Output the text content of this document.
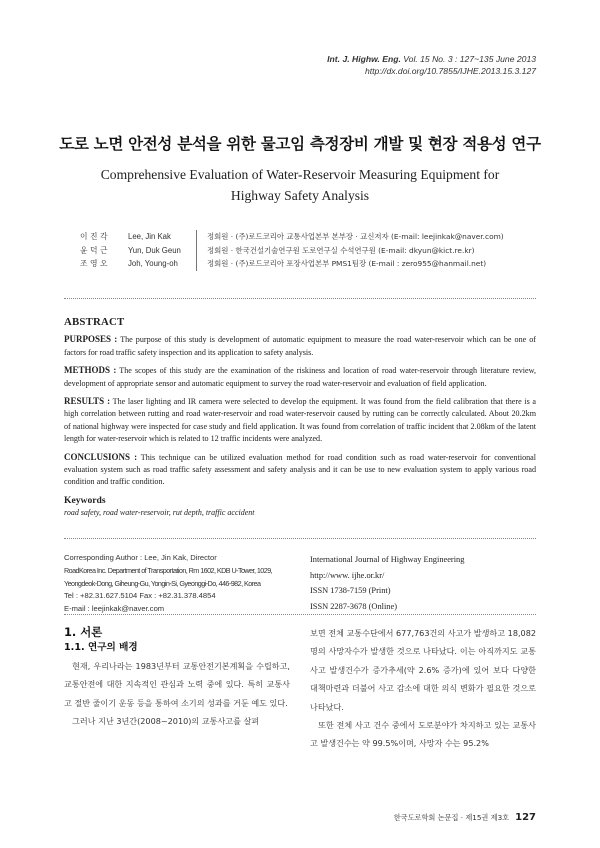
Int. J. Highw. Eng. Vol. 15 No. 3 : 127~135 June 2013
http://dx.doi.org/10.7855/IJHE.2013.15.3.127
도로 노면 안전성 분석을 위한 물고임 측정장비 개발 및 현장 적용성 연구
Comprehensive Evaluation of Water-Reservoir Measuring Equipment for
Highway Safety Analysis
이 진 각	Lee, Jin Kak	정회원 · (주)로드코리아 교통사업본부 본부장 · 교신저자 (E-mail: leejinkak@naver.com)
윤 덕 근	Yun, Duk Geun	정회원 · 한국건설기술연구원 도로연구실 수석연구원 (E-mail: dkyun@kict.re.kr)
조 영 오	Joh, Young-oh	정회원 · (주)로드코리아 포장사업본부 PMS1팀장 (E-mail : zero955@hanmail.net)
ABSTRACT

PURPOSES : The purpose of this study is development of automatic equipment to measure the road water-reservoir which can be one of factors for road traffic safety inspection and its application to safety analysis.

METHODS : The scopes of this study are the examination of the riskiness and location of road water-reservoir through literature review, development of appropriate sensor and automatic equipment to survey the road water-reservoir and evaluation of field application.

RESULTS : The laser lighting and IR camera were selected to develop the equipment. It was found from the field calibration that there is a high correlation between rutting and road water-reservoir and road water-reservoir caused by rutting can be correctly calculated. About 20.2km of national highway were inspected for case study and field application. It was found from correlation of traffic incident that 2.08km of the latent length for water-reservoir which is related to 12 traffic incidents were analyzed.

CONCLUSIONS : This technique can be utilized evaluation method for road condition such as road water-reservoir for conventional evaluation system such as road traffic safety assessment and safety analysis and it can be use to new evaluation system to apply various road condition and traffic condition.

Keywords
road safety, road water-reservoir, rut depth, traffic accident
Corresponding Author : Lee, Jin Kak, Director
RoadKorea Inc. Department of Transportation, Rm 1602, KDB U-Tower, 1029,
Yeongdeok-Dong, Giheung-Gu, Yongin-Si, Gyeonggi-Do, 446-982, Korea
Tel : +82.31.627.5104 Fax : +82.31.378.4854
E-mail : leejinkak@naver.com
International Journal of Highway Engineering
http://www. ijhe.or.kr/
ISSN 1738-7159 (Print)
ISSN 2287-3678 (Online)
1. 서론
1.1. 연구의 배경
현재, 우리나라는 1983년부터 교통안전기본계획을 수립하고, 교통안전에 대한 지속적인 관심과 노력 중에 있다. 특히 교통사고 절반 줄이기 운동 등을 통하여 소기의 성과를 거둔 예도 있다.
그러나 지난 3년간(2008~2010)의 교통사고를 살펴
보면 전체 교통수단에서 677,763건의 사고가 발생하고 18,082명의 사망자수가 발생한 것으로 나타났다. 이는 아직까지도 교통사고 발생건수가 증가추세(약 2.6% 증가)에 있어 보다 다양한 대책마련과 더불어 사고 감소에 대한 의식 변화가 필요한 것으로 나타났다.
또한 전체 사고 건수 중에서 도로분야가 차지하고 있는 교통사고 발생건수는 약 99.5%이며, 사망자 수는 95.2%
한국도로학회 논문집 · 제15권 제3호 127
